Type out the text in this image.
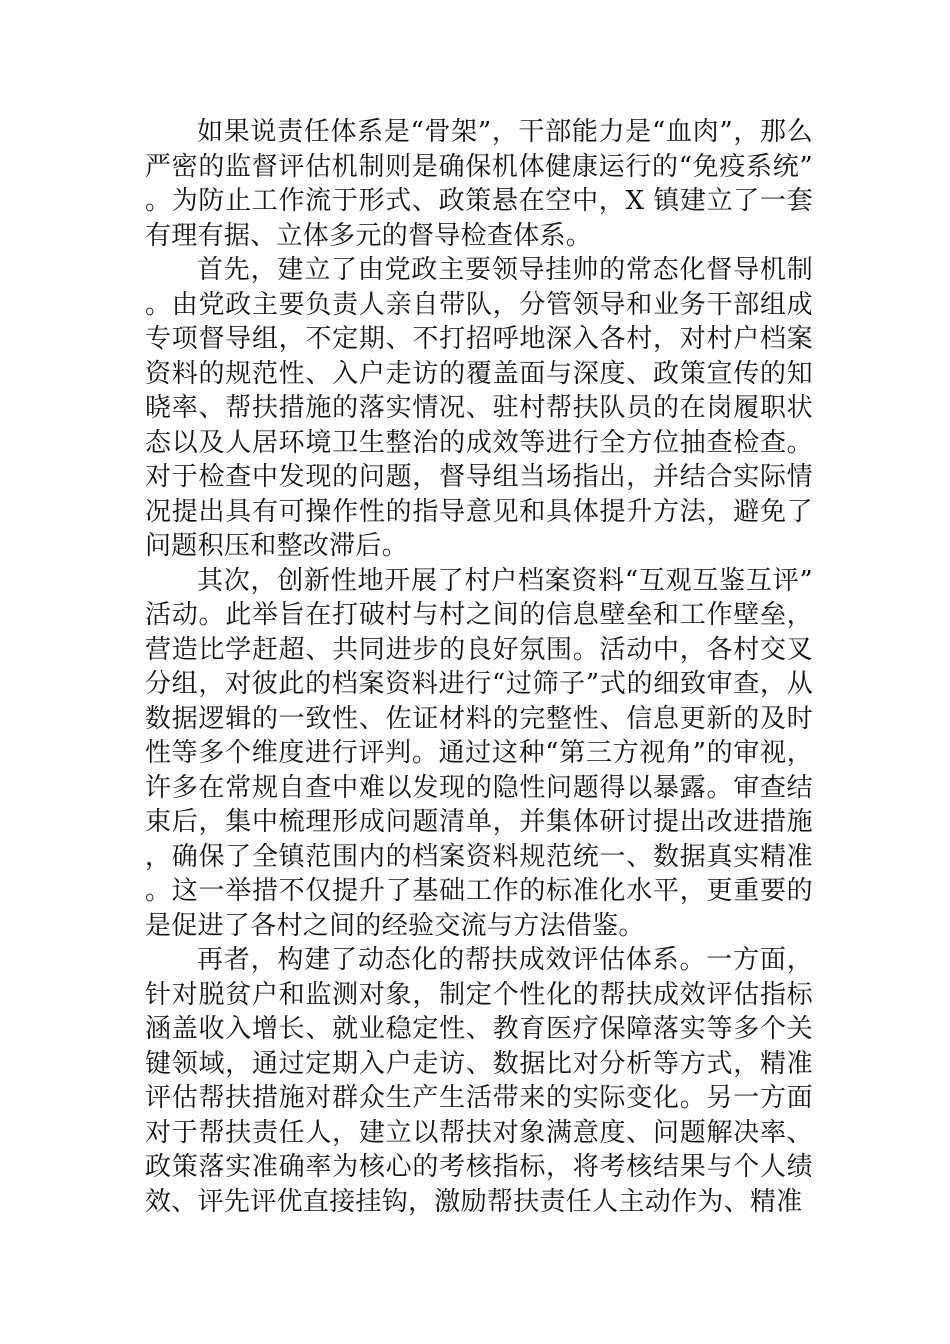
如果说责任体系是“骨架”，干部能力是“血肉”，那么严密的监督评估机制则是确保机体健康运行的“免疫系统”。为防止工作流于形式、政策悬在空中，X 镇建立了一套有理有据、立体多元的督导检查体系。

首先，建立了由党政主要领导挂帅的常态化督导机制。由党政主要负责人亲自带队，分管领导和业务干部组成专项督导组，不定期、不打招呼地深入各村，对村户档案资料的规范性、入户走访的覆盖面与深度、政策宣传的知晓率、帮扶措施的落实情况、驻村帮扶队员的在岗履职状态以及人居环境卫生整治的成效等进行全方位抽查检查。对于检查中发现的问题，督导组当场指出，并结合实际情况提出具有可操作性的指导意见和具体提升方法，避免了问题积压和整改滞后。

其次，创新性地开展了村户档案资料“互观互鉴互评”活动。此举旨在打破村与村之间的信息壁垒和工作壁垒，营造比学赶超、共同进步的良好氛围。活动中，各村交叉分组，对彼此的档案资料进行“过筛子”式的细致审查，从数据逻辑的一致性、佐证材料的完整性、信息更新的及时性等多个维度进行评判。通过这种“第三方视角”的审视，许多在常规自查中难以发现的隐性问题得以暴露。审查结束后，集中梳理形成问题清单，并集体研讨提出改进措施，确保了全镇范围内的档案资料规范统一、数据真实精准。这一举措不仅提升了基础工作的标准化水平，更重要的是促进了各村之间的经验交流与方法借鉴。

再者，构建了动态化的帮扶成效评估体系。一方面，针对脱贫户和监测对象，制定个性化的帮扶成效评估指标涵盖收入增长、就业稳定性、教育医疗保障落实等多个关键领域，通过定期入户走访、数据比对分析等方式，精准评估帮扶措施对群众生产生活带来的实际变化。另一方面对于帮扶责任人，建立以帮扶对象满意度、问题解决率、政策落实准确率为核心的考核指标，将考核结果与个人绩效、评先评优直接挂钩，激励帮扶责任人主动作为、精准
